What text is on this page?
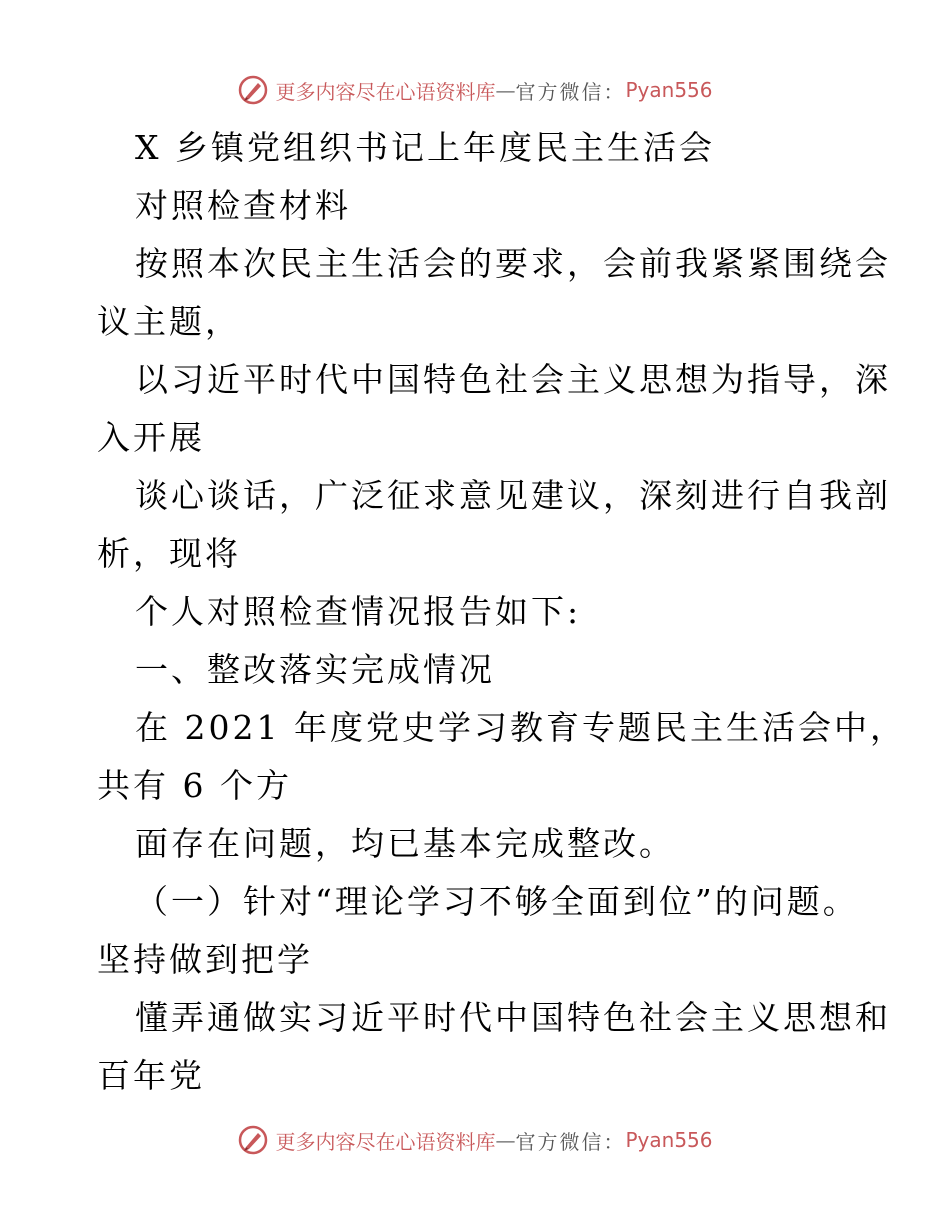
更多内容尽在心语资料库 — 官方微信： Pyan556
X 乡镇党组织书记上年度民主生活会
对照检查材料
按照本次民主生活会的要求，会前我紧紧围绕会
议主题，
以习近平时代中国特色社会主义思想为指导，深
入开展
谈心谈话，广泛征求意见建议，深刻进行自我剖
析，现将
个人对照检查情况报告如下:
一、整改落实完成情况
在 2021 年度党史学习教育专题民主生活会中，
共有 6 个方
面存在问题，均已基本完成整改。
（一）针对“理论学习不够全面到位”的问题。
坚持做到把学
懂弄通做实习近平时代中国特色社会主义思想和
百年党
更多内容尽在心语资料库 — 官方微信： Pyan556
